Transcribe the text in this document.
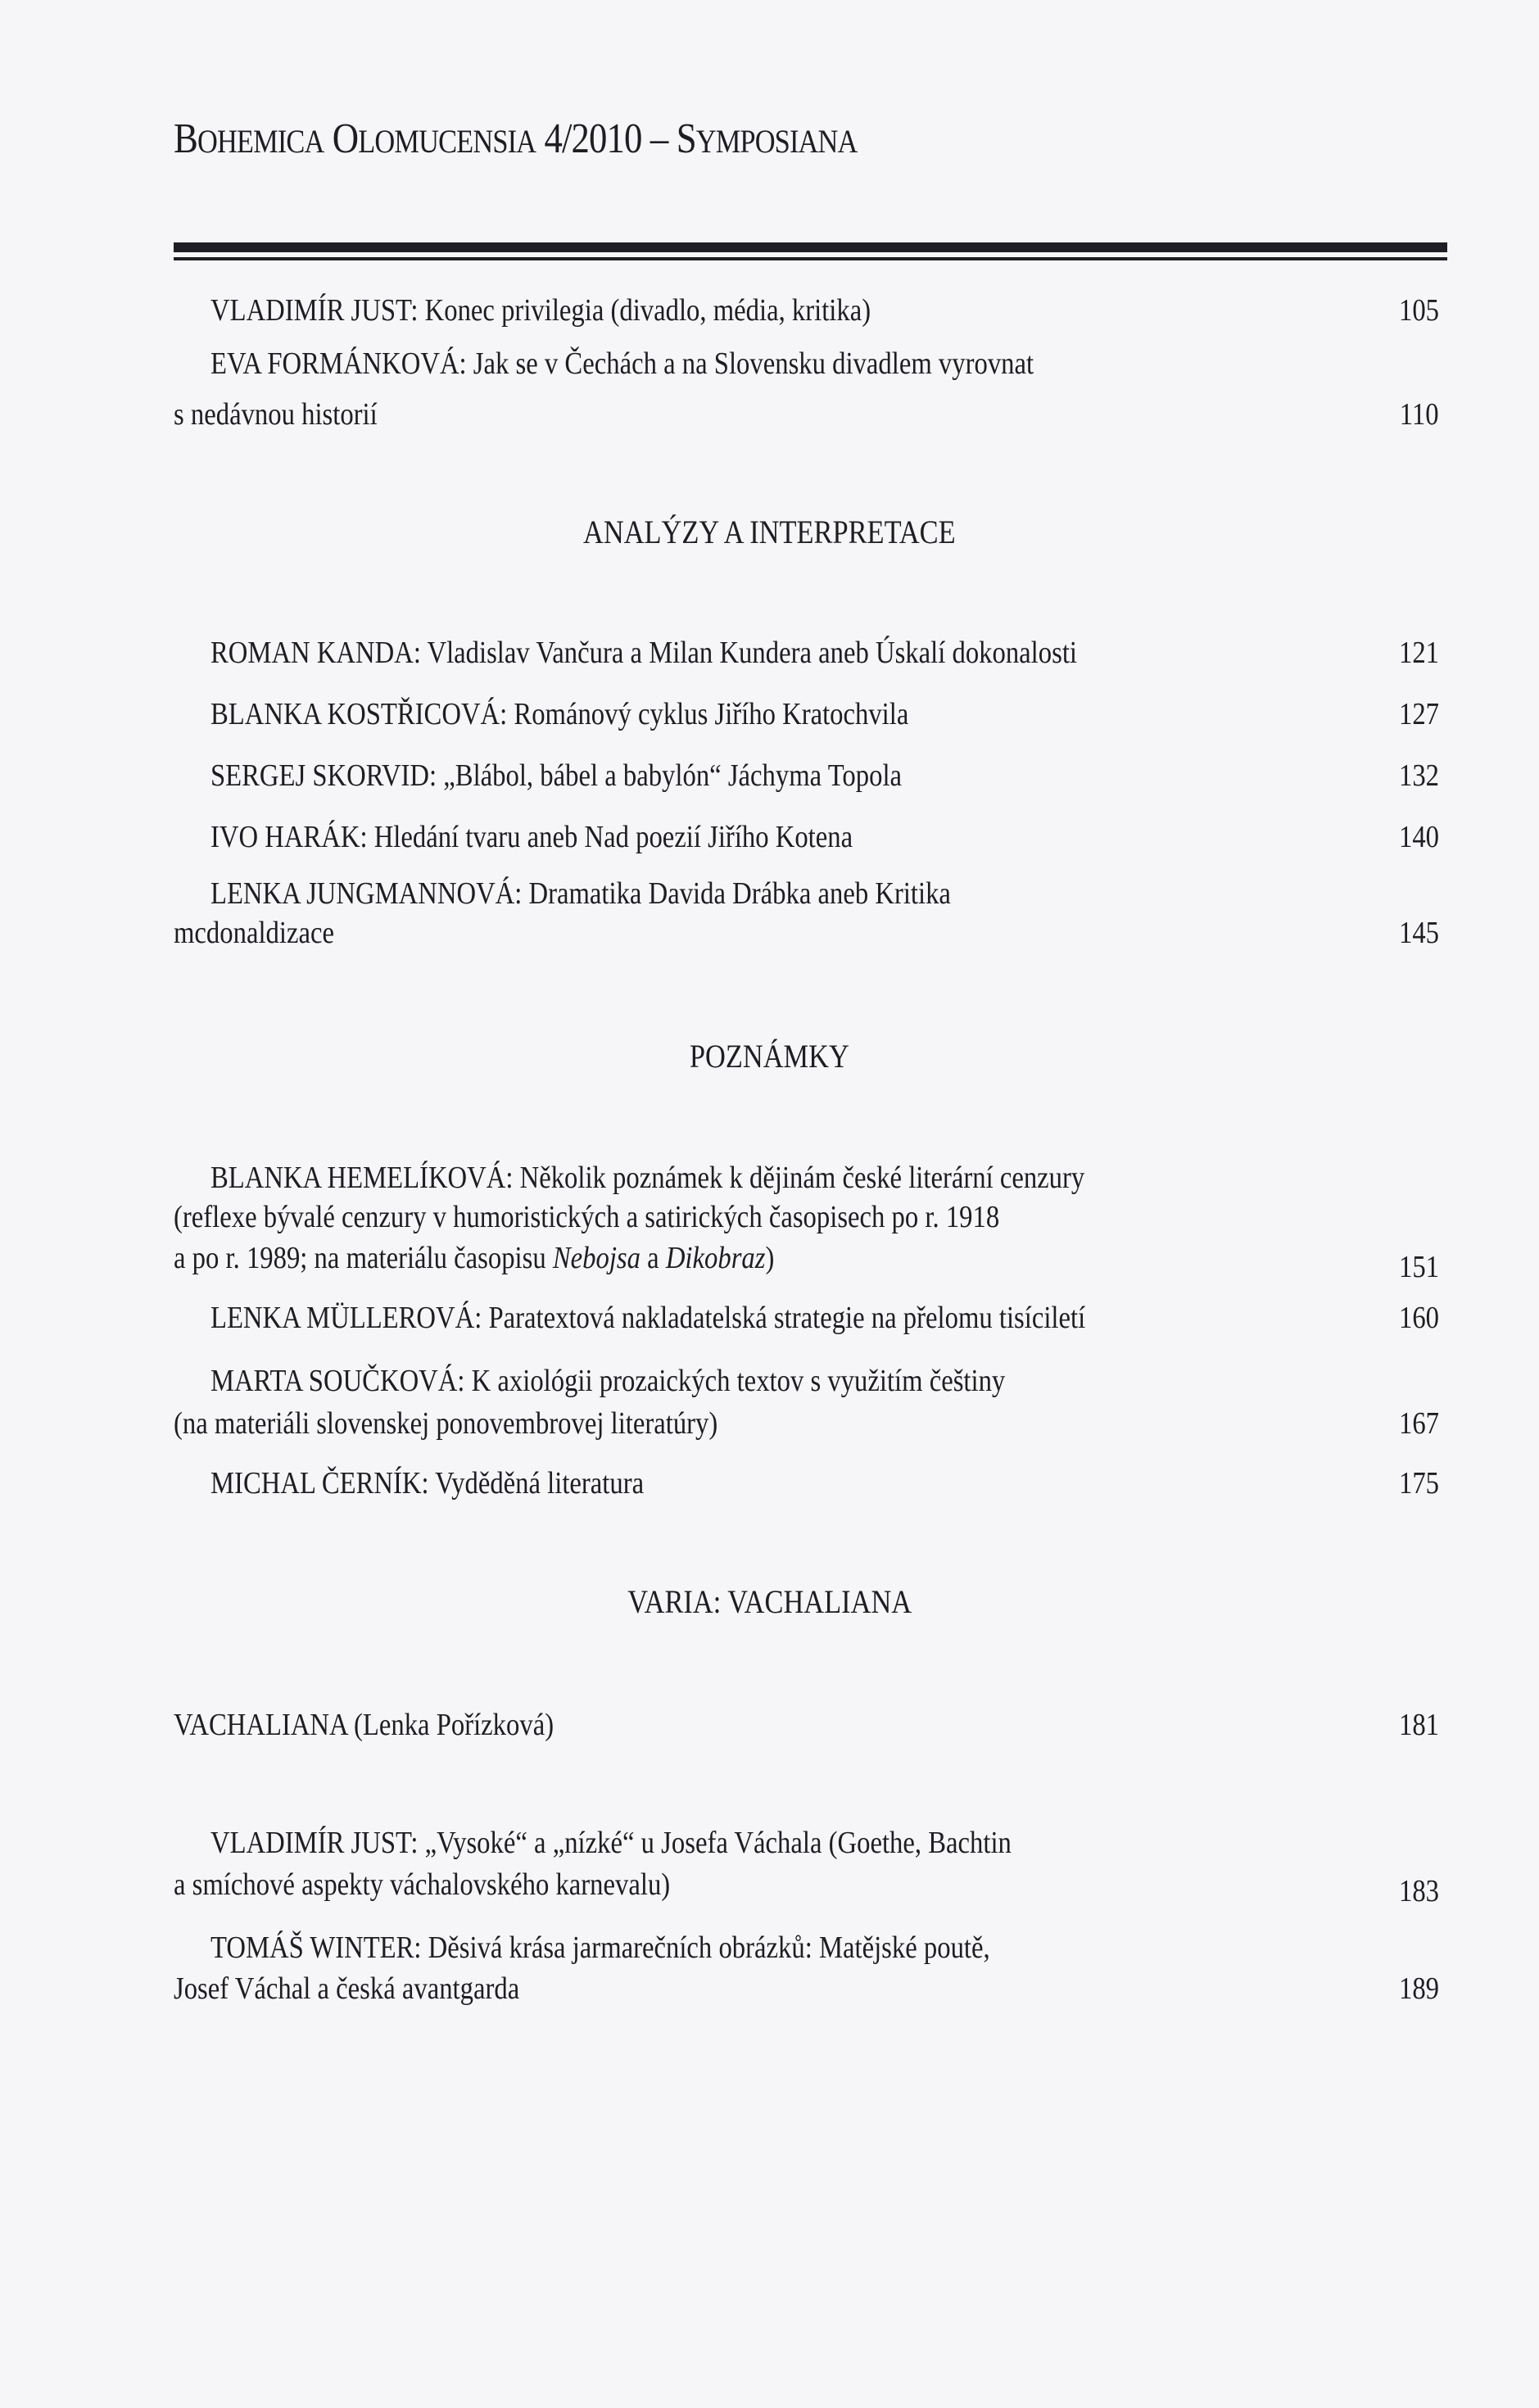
BOHEMICA OLOMUCENSIA 4/2010 – SYMPOSIANA
VLADIMÍR JUST: Konec privilegia (divadlo, média, kritika)	105
EVA FORMÁNKOVÁ: Jak se v Čechách a na Slovensku divadlem vyrovnat
s nedávnou historií	110
ANALÝZY A INTERPRETACE
ROMAN KANDA: Vladislav Vančura a Milan Kundera aneb Úskalí dokonalosti	121
BLANKA KOSTŘICOVÁ: Románový cyklus Jiřího Kratochvila	127
SERGEJ SKORVID: „Blábol, bábel a babylón“ Jáchyma Topola	132
IVO HARÁK: Hledání tvaru aneb Nad poezií Jiřího Kotena	140
LENKA JUNGMANNOVÁ: Dramatika Davida Drábka aneb Kritika
mcdonaldizace	145
POZNÁMKY
BLANKA HEMELÍKOVÁ: Několik poznámek k dějinám české literární cenzury
(reflexe bývalé cenzury v humoristických a satirických časopisech po r. 1918
a po r. 1989; na materiálu časopisu Nebojsa a Dikobraz)	151
LENKA MÜLLEROVÁ: Paratextová nakladatelská strategie na přelomu tisíciletí	160
MARTA SOUČKOVÁ: K axiológii prozaických textov s využitím češtiny
(na materiáli slovenskej ponovembrovej literatúry)	167
MICHAL ČERNÍK: Vyděděná literatura	175
VARIA: VACHALIANA
VACHALIANA (Lenka Pořízková)	181
VLADIMÍR JUST: „Vysoké“ a „nízké“ u Josefa Váchala (Goethe, Bachtin
a smíchové aspekty váchalovského karnevalu)	183
TOMÁŠ WINTER: Děsivá krása jarmarečních obrázků: Matějské poutě,
Josef Váchal a česká avantgarda	189
